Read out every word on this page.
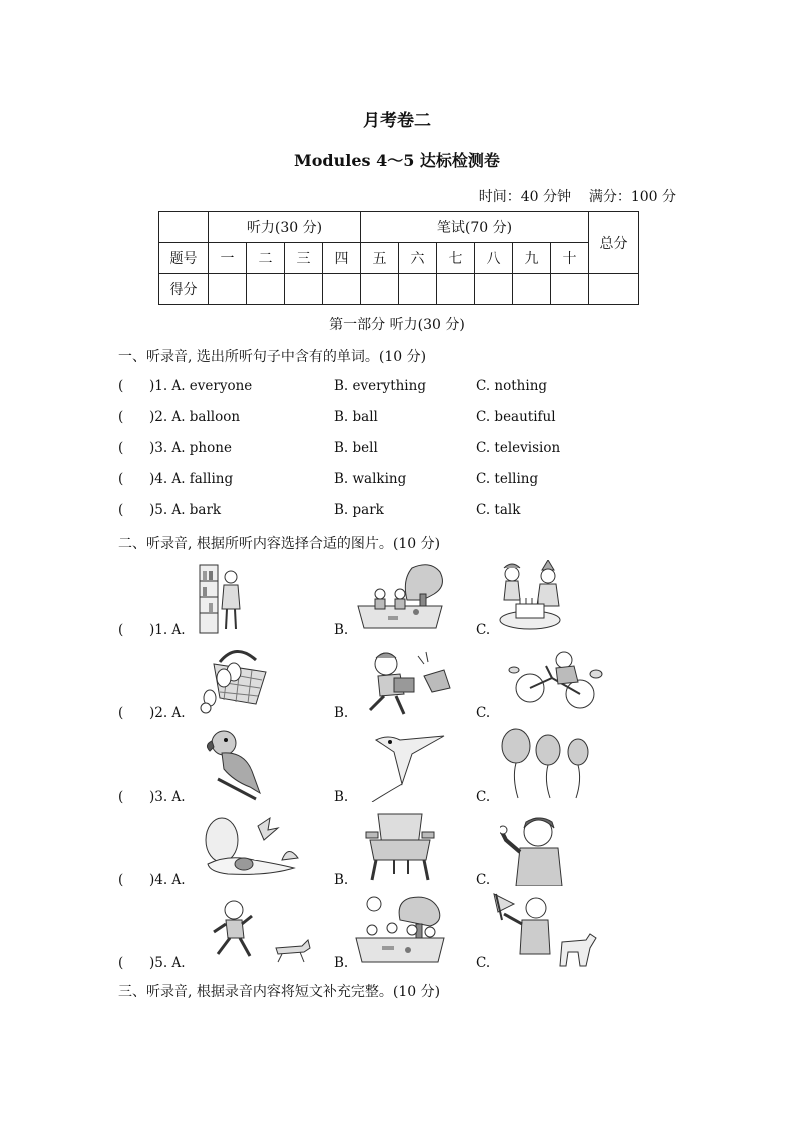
月考卷二
Modules 4～5 达标检测卷
时间：40 分钟    满分：100 分
	听力(30 分)				笔试(70 分)						总分
题号	一	二	三	四	五	六	七	八	九	十	
得分											
第一部分 听力(30 分)
一、听录音, 选出所听句子中含有的单词。(10 分)
(      )1. A. everyone	B. everything	C. nothing
(      )2. A. balloon	B. ball	C. beautiful
(      )3. A. phone	B. bell	C. television
(      )4. A. falling	B. walking	C. telling
(      )5. A. bark	B. park	C. talk
二、听录音, 根据所听内容选择合适的图片。(10 分)
(      )1. A.	B.	C.
(      )2. A.	B.	C.
(      )3. A.	B.	C.
(      )4. A.	B.	C.
(      )5. A.	B.	C.
三、听录音, 根据录音内容将短文补充完整。(10 分)
